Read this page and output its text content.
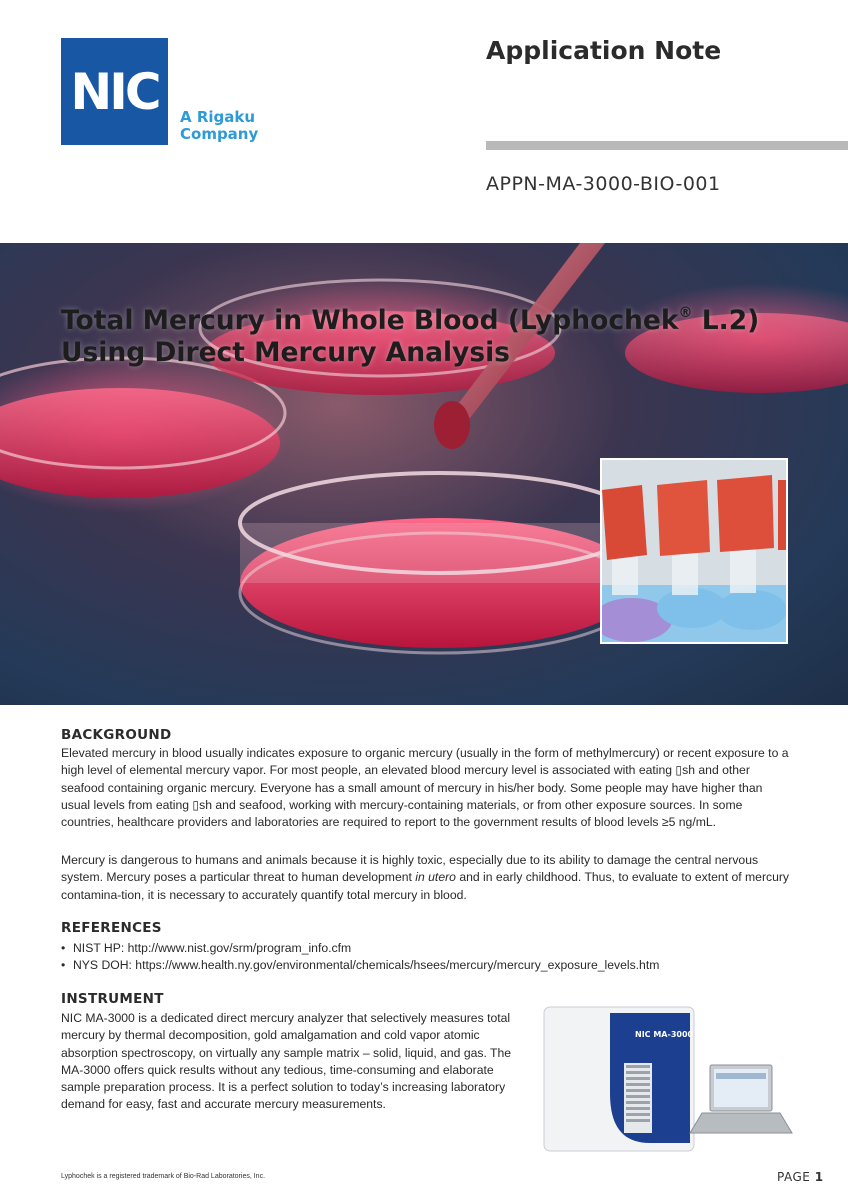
NIC A Rigaku
Company
Application Note
APPN-MA-3000-BIO-001
Total Mercury in Whole Blood (Lyphochek® L.2)
Using Direct Mercury Analysis
BACKGROUND

Elevated mercury in blood usually indicates exposure to organic mercury (usually in the form of methylmercury) or recent exposure to a high level of elemental mercury vapor. For most people, an elevated blood mercury level is associated with eating ▯sh and other seafood containing organic mercury. Everyone has a small amount of mercury in his/her body. Some people may have higher than usual levels from eating ▯sh and seafood, working with mercury-containing materials, or from other exposure sources. In some countries, healthcare providers and laboratories are required to report to the government results of blood levels ≥5 ng/mL.

Mercury is dangerous to humans and animals because it is highly toxic, especially due to its ability to damage the central nervous system. Mercury poses a particular threat to human development in utero and in early childhood. Thus, to evaluate to extent of mercury contamina-tion, it is necessary to accurately quantify total mercury in blood.

REFERENCES
• NIST HP: http://www.nist.gov/srm/program_info.cfm
• NYS DOH: https://www.health.ny.gov/environmental/chemicals/hsees/mercury/mercury_exposure_levels.htm
INSTRUMENT

NIC MA-3000 is a dedicated direct mercury analyzer that selectively measures total mercury by thermal decomposition, gold amalgamation and cold vapor atomic absorption spectroscopy, on virtually any sample matrix – solid, liquid, and gas. The MA-3000 offers quick results without any tedious, time-consuming and elaborate sample preparation process. It is a perfect solution to today’s increasing laboratory demand for easy, fast and accurate mercury measurements.

NIC MA-3000
Lyphochek is a registered trademark of Bio-Rad Laboratories, Inc.	PAGE 1
